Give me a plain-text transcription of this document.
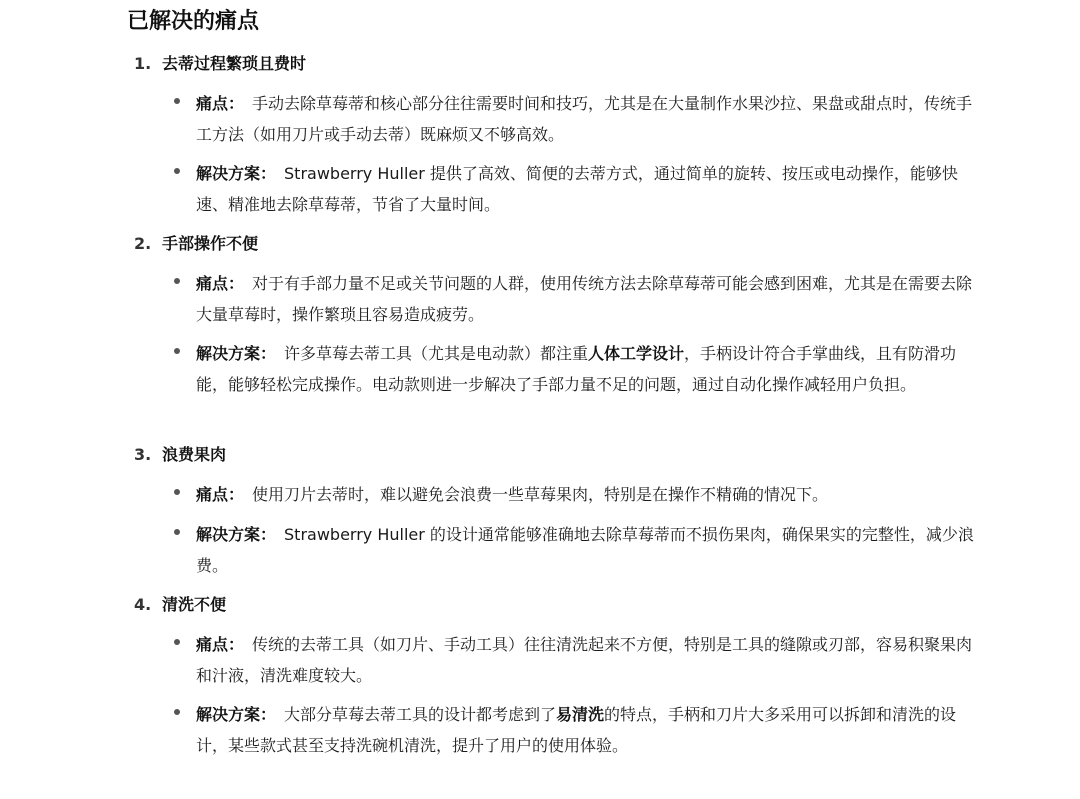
已解决的痛点
1. 去蒂过程繁琐且费时
痛点： 手动去除草莓蒂和核心部分往往需要时间和技巧，尤其是在大量制作水果沙拉、果盘或甜点时，传统手工方法（如用刀片或手动去蒂）既麻烦又不够高效。
解决方案： Strawberry Huller 提供了高效、简便的去蒂方式，通过简单的旋转、按压或电动操作，能够快速、精准地去除草莓蒂，节省了大量时间。
2. 手部操作不便
痛点： 对于有手部力量不足或关节问题的人群，使用传统方法去除草莓蒂可能会感到困难，尤其是在需要去除大量草莓时，操作繁琐且容易造成疲劳。
解决方案： 许多草莓去蒂工具（尤其是电动款）都注重人体工学设计，手柄设计符合手掌曲线，且有防滑功能，能够轻松完成操作。电动款则进一步解决了手部力量不足的问题，通过自动化操作减轻用户负担。
3. 浪费果肉
痛点： 使用刀片去蒂时，难以避免会浪费一些草莓果肉，特别是在操作不精确的情况下。
解决方案： Strawberry Huller 的设计通常能够准确地去除草莓蒂而不损伤果肉，确保果实的完整性，减少浪费。
4. 清洗不便
痛点： 传统的去蒂工具（如刀片、手动工具）往往清洗起来不方便，特别是工具的缝隙或刃部，容易积聚果肉和汁液，清洗难度较大。
解决方案： 大部分草莓去蒂工具的设计都考虑到了易清洗的特点，手柄和刀片大多采用可以拆卸和清洗的设计，某些款式甚至支持洗碗机清洗，提升了用户的使用体验。
